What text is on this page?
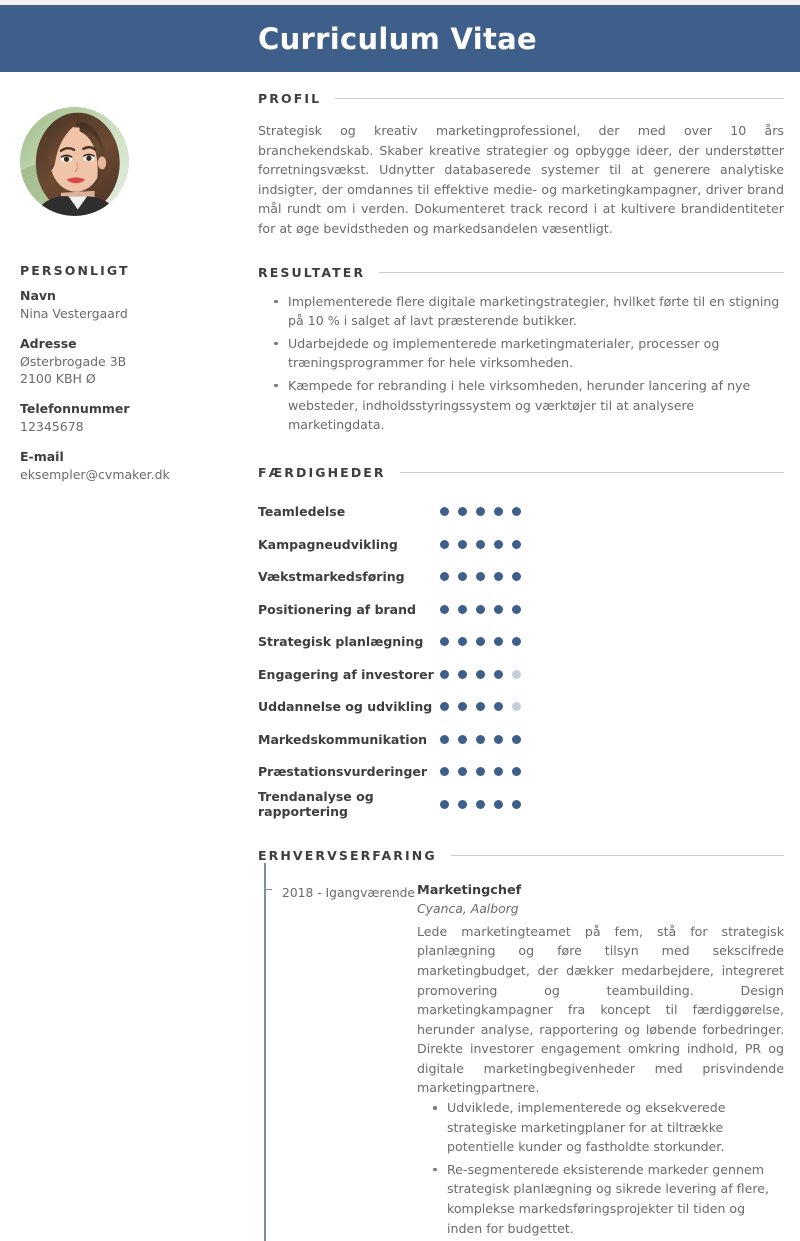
Curriculum Vitae
PERSONLIGT
Navn
Nina Vestergaard
Adresse
Østerbrogade 3B
2100 KBH Ø
Telefonnummer
12345678
E-mail
eksempler@cvmaker.dk
PROFIL
Strategisk og kreativ marketingprofessionel, der med over 10 års branchekendskab. Skaber kreative strategier og opbygge ideer, der understøtter forretningsvækst. Udnytter databaserede systemer til at generere analytiske indsigter, der omdannes til effektive medie- og marketingkampagner, driver brand mål rundt om i verden. Dokumenteret track record i at kultivere brandidentiteter for at øge bevidstheden og markedsandelen væsentligt.
RESULTATER
Implementerede flere digitale marketingstrategier, hvilket førte til en stigning på 10 % i salget af lavt præsterende butikker.
Udarbejdede og implementerede marketingmaterialer, processer og træningsprogrammer for hele virksomheden.
Kæmpede for rebranding i hele virksomheden, herunder lancering af nye websteder, indholdsstyringssystem og værktøjer til at analysere marketingdata.
FÆRDIGHEDER
Teamledelse
Kampagneudvikling
Vækstmarkedsføring
Positionering af brand
Strategisk planlægning
Engagering af investorer
Uddannelse og udvikling
Markedskommunikation
Præstationsvurderinger
Trendanalyse og rapportering
ERHVERVSERFARING
2018 - Igangværende Marketingchef
Cyanca, Aalborg
Lede marketingteamet på fem, stå for strategisk planlægning og føre tilsyn med sekscifrede marketingbudget, der dækker medarbejdere, integreret promovering og teambuilding. Design marketingkampagner fra koncept til færdiggørelse, herunder analyse, rapportering og løbende forbedringer. Direkte investorer engagement omkring indhold, PR og digitale marketingbegivenheder med prisvindende marketingpartnere.
Udviklede, implementerede og eksekverede strategiske marketingplaner for at tiltrække potentielle kunder og fastholdte storkunder.
Re-segmenterede eksisterende markeder gennem strategisk planlægning og sikrede levering af flere, komplekse markedsføringsprojekter til tiden og inden for budgettet.
